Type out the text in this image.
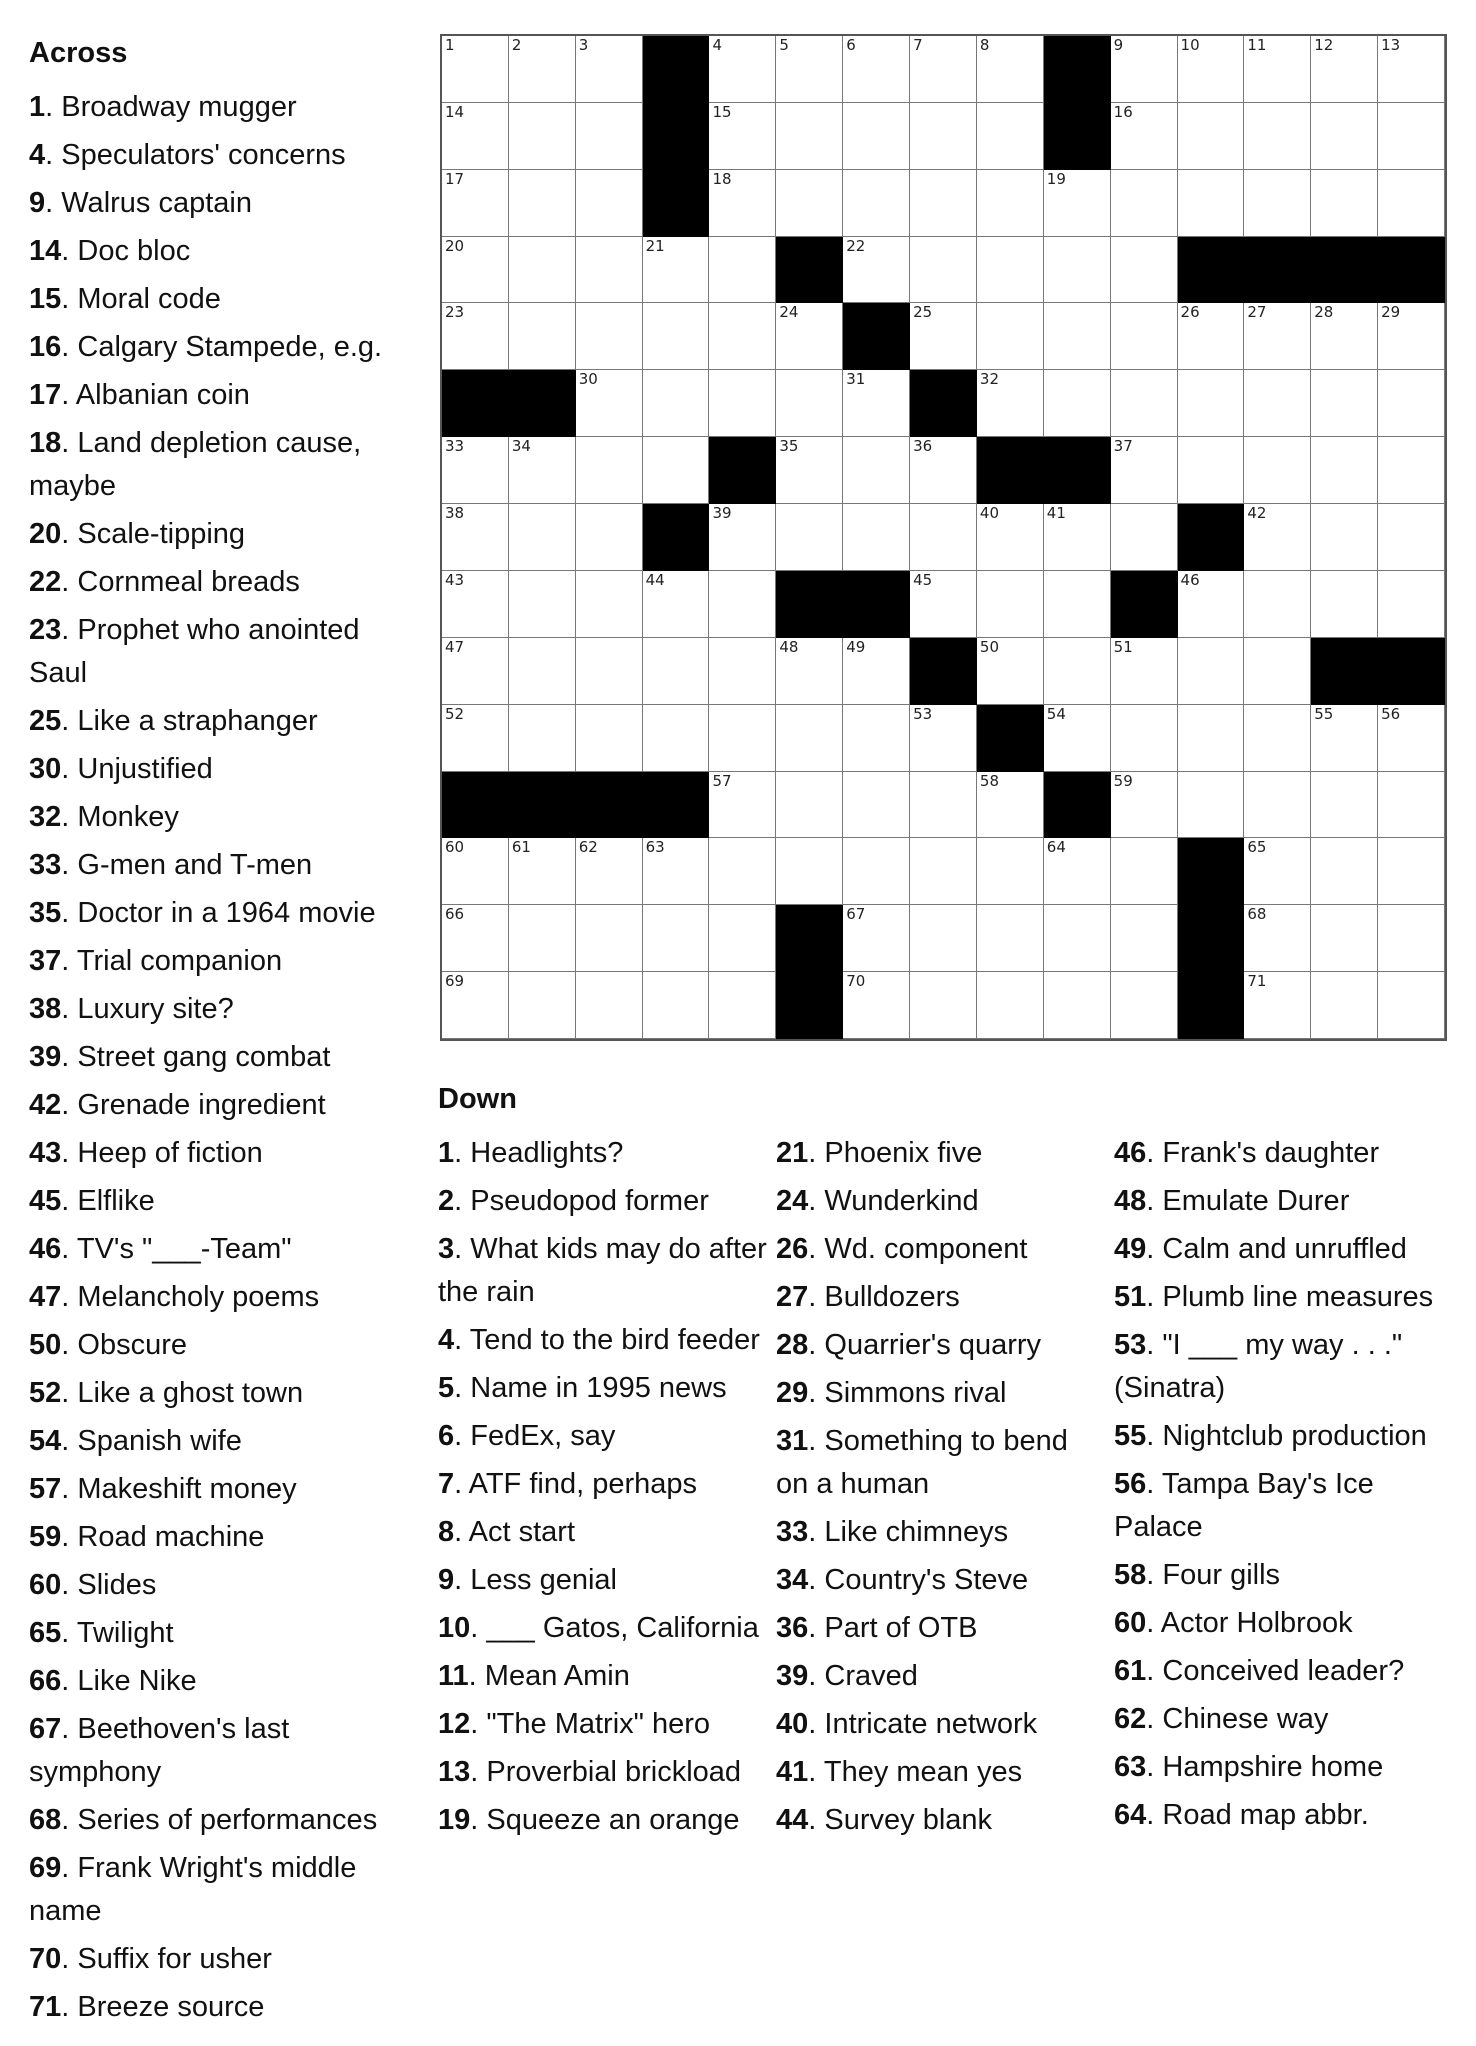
Across
1. Broadway mugger
4. Speculators' concerns
9. Walrus captain
14. Doc bloc
15. Moral code
16. Calgary Stampede, e.g.
17. Albanian coin
18. Land depletion cause, maybe
20. Scale-tipping
22. Cornmeal breads
23. Prophet who anointed Saul
25. Like a straphanger
30. Unjustified
32. Monkey
33. G-men and T-men
35. Doctor in a 1964 movie
37. Trial companion
38. Luxury site?
39. Street gang combat
42. Grenade ingredient
43. Heep of fiction
45. Elflike
46. TV's "___-Team"
47. Melancholy poems
50. Obscure
52. Like a ghost town
54. Spanish wife
57. Makeshift money
59. Road machine
60. Slides
65. Twilight
66. Like Nike
67. Beethoven's last symphony
68. Series of performances
69. Frank Wright's middle name
70. Suffix for usher
71. Breeze source
1	2	3	4	5	6	7	8	9	10	11	12	13
14	15	16
17	18	19
20	21	22
23	24	25	26	27	28	29
30	31	32
33	34	35	36	37
38	39	40	41	42
43	44	45	46
47	48	49	50	51
52	53	54	55	56
57	58	59
60	61	62	63	64	65
66	67	68
69	70	71
Down
1. Headlights?
2. Pseudopod former
3. What kids may do after the rain
4. Tend to the bird feeder
5. Name in 1995 news
6. FedEx, say
7. ATF find, perhaps
8. Act start
9. Less genial
10. ___ Gatos, California
11. Mean Amin
12. "The Matrix" hero
13. Proverbial brickload
19. Squeeze an orange
21. Phoenix five
24. Wunderkind
26. Wd. component
27. Bulldozers
28. Quarrier's quarry
29. Simmons rival
31. Something to bend on a human
33. Like chimneys
34. Country's Steve
36. Part of OTB
39. Craved
40. Intricate network
41. They mean yes
44. Survey blank
46. Frank's daughter
48. Emulate Durer
49. Calm and unruffled
51. Plumb line measures
53. "I ___ my way . . ." (Sinatra)
55. Nightclub production
56. Tampa Bay's Ice Palace
58. Four gills
60. Actor Holbrook
61. Conceived leader?
62. Chinese way
63. Hampshire home
64. Road map abbr.
